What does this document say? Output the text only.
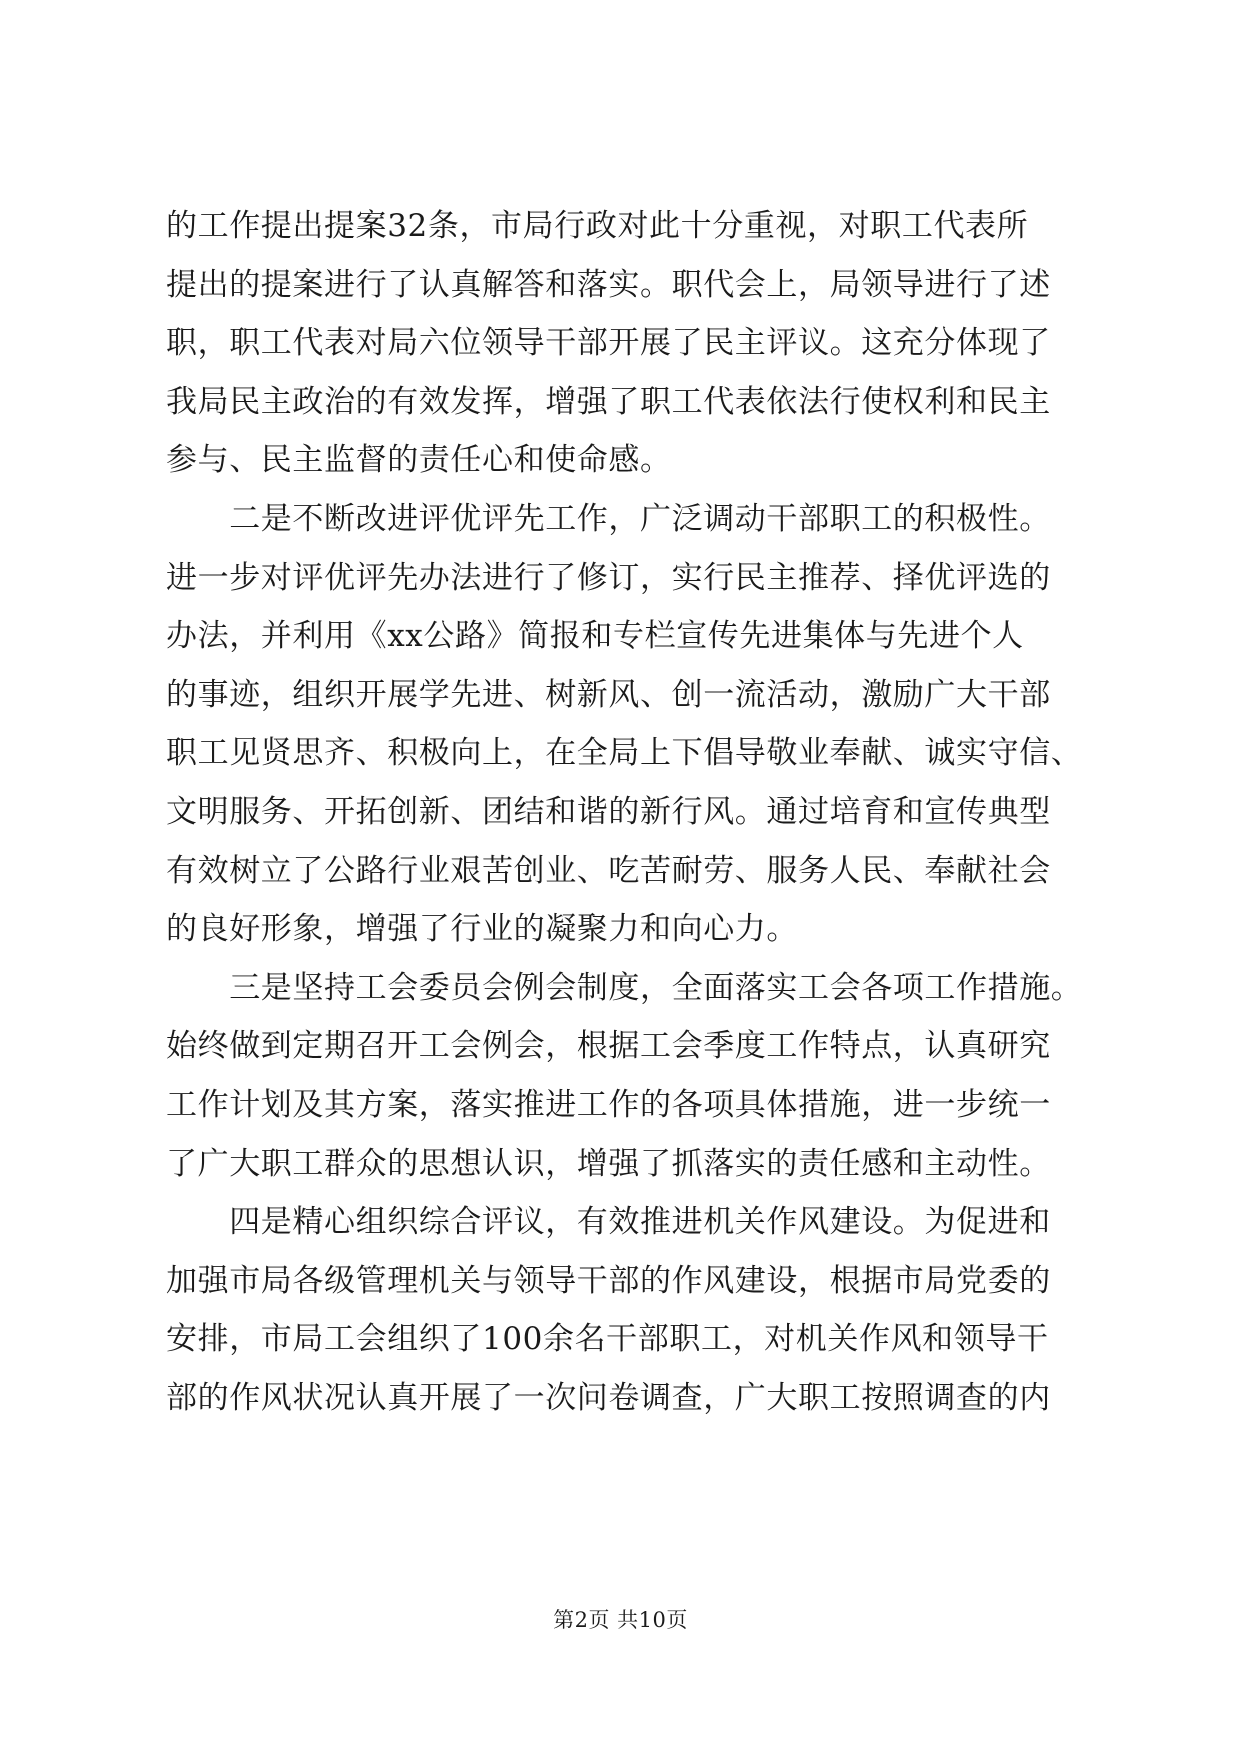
的工作提出提案32条，市局行政对此十分重视，对职工代表所
提出的提案进行了认真解答和落实。职代会上，局领导进行了述
职，职工代表对局六位领导干部开展了民主评议。这充分体现了
我局民主政治的有效发挥，增强了职工代表依法行使权利和民主
参与、民主监督的责任心和使命感。
　　二是不断改进评优评先工作，广泛调动干部职工的积极性。
进一步对评优评先办法进行了修订，实行民主推荐、择优评选的
办法，并利用《xx公路》简报和专栏宣传先进集体与先进个人
的事迹，组织开展学先进、树新风、创一流活动，激励广大干部
职工见贤思齐、积极向上，在全局上下倡导敬业奉献、诚实守信、
文明服务、开拓创新、团结和谐的新行风。通过培育和宣传典型
有效树立了公路行业艰苦创业、吃苦耐劳、服务人民、奉献社会
的良好形象，增强了行业的凝聚力和向心力。
　　三是坚持工会委员会例会制度，全面落实工会各项工作措施。
始终做到定期召开工会例会，根据工会季度工作特点，认真研究
工作计划及其方案，落实推进工作的各项具体措施，进一步统一
了广大职工群众的思想认识，增强了抓落实的责任感和主动性。
　　四是精心组织综合评议，有效推进机关作风建设。为促进和
加强市局各级管理机关与领导干部的作风建设，根据市局党委的
安排，市局工会组织了100余名干部职工，对机关作风和领导干
部的作风状况认真开展了一次问卷调查，广大职工按照调查的内
第2页 共10页
